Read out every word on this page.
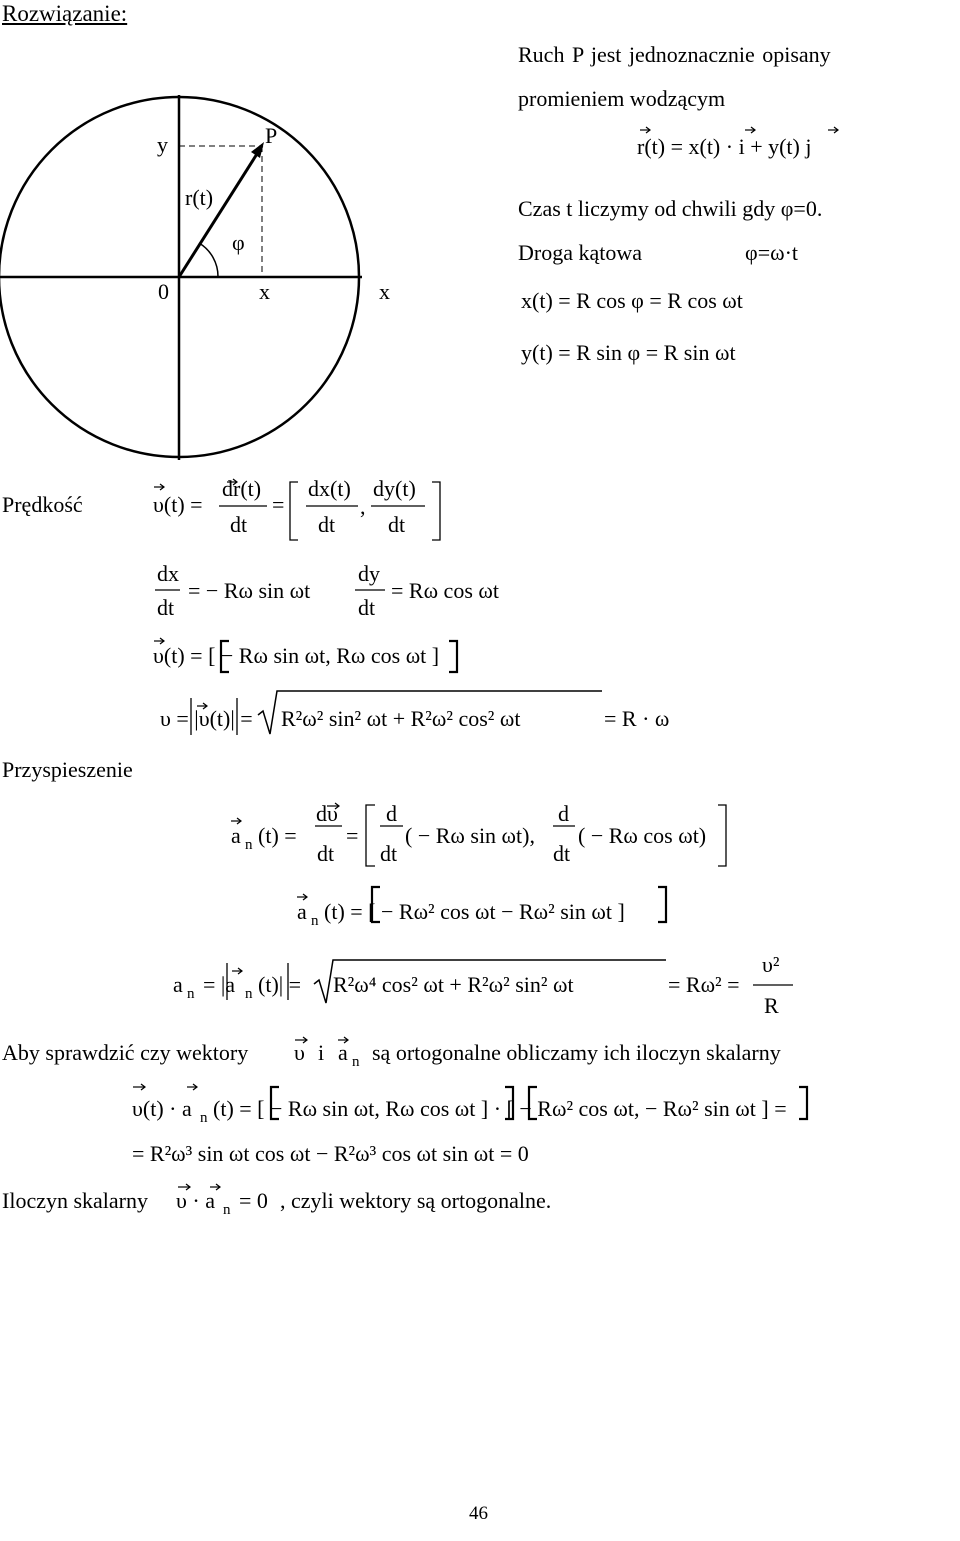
Rozwiązanie:
y	P
r(t)
φ
0	x	x
Ruch P jest jednoznacznie opisany
promieniem wodzącym
r(t) = x(t) · i + y(t) j
Czas t liczymy od chwili gdy φ=0.
Droga kątowa	φ=ω·t
x(t) = R cos φ = R cos ωt
y(t) = R sin φ = R sin ωt
Prędkość	υ(t) =
dr(t)
dt
=
dx(t)
dt
,
dy(t)
dt
dx
dt
= − Rω sin ωt
dy
dt
= Rω cos ωt
υ(t) = [ − Rω sin ωt, Rω cos ωt ]
υ = |υ(t)| = R²ω² sin² ωt + R²ω² cos² ωt	= R · ω
Przyspieszenie
a n (t) =
dυ
dt
=
d
dt
( − Rω sin ωt),
d
dt
( − Rω cos ωt)
a n (t) = [ − Rω² cos ωt − Rω² sin ωt ]
a n = |a n (t)| = R²ω⁴ cos² ωt + R²ω² sin² ωt	= Rω² =
υ²
R
Aby sprawdzić czy wektory υ i a n są ortogonalne obliczamy ich iloczyn skalarny
υ(t) · a n (t) = [ − Rω sin ωt, Rω cos ωt ] · [ − Rω² cos ωt, − Rω² sin ωt ] =
= R²ω³ sin ωt cos ωt − R²ω³ cos ωt sin ωt = 0
Iloczyn skalarny υ · a n = 0 , czyli wektory są ortogonalne.
46
